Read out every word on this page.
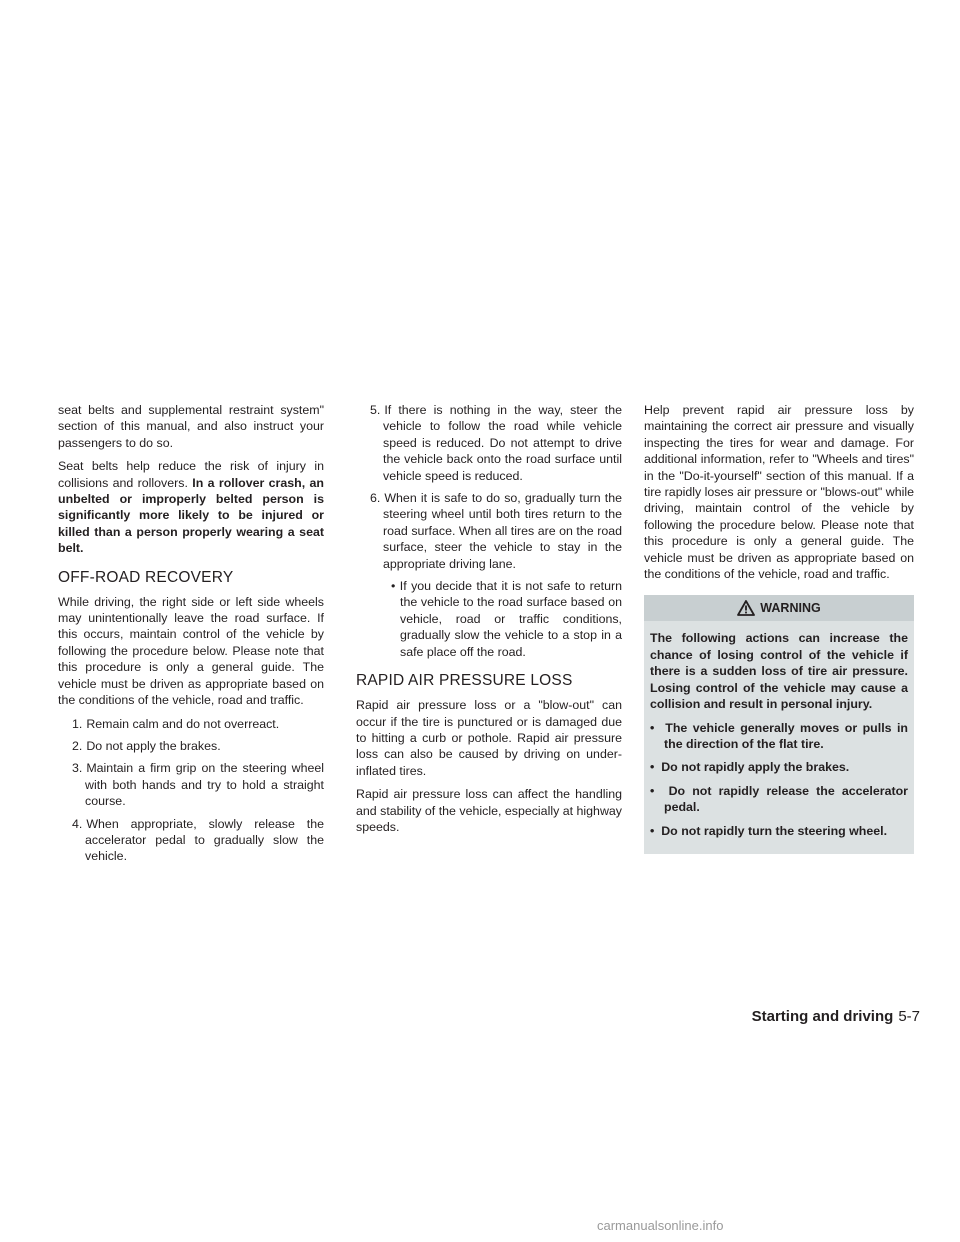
seat belts and supplemental restraint system" section of this manual, and also instruct your passengers to do so.

Seat belts help reduce the risk of injury in collisions and rollovers. In a rollover crash, an unbelted or improperly belted person is significantly more likely to be injured or killed than a person properly wearing a seat belt.

OFF-ROAD RECOVERY

While driving, the right side or left side wheels may unintentionally leave the road surface. If this occurs, maintain control of the vehicle by following the procedure below. Please note that this procedure is only a general guide. The vehicle must be driven as appropriate based on the conditions of the vehicle, road and traffic.

1. Remain calm and do not overreact.
2. Do not apply the brakes.
3. Maintain a firm grip on the steering wheel with both hands and try to hold a straight course.
4. When appropriate, slowly release the accelerator pedal to gradually slow the vehicle.
5. If there is nothing in the way, steer the vehicle to follow the road while vehicle speed is reduced. Do not attempt to drive the vehicle back onto the road surface until vehicle speed is reduced.
6. When it is safe to do so, gradually turn the steering wheel until both tires return to the road surface. When all tires are on the road surface, steer the vehicle to stay in the appropriate driving lane.
• If you decide that it is not safe to return the vehicle to the road surface based on vehicle, road or traffic conditions, gradually slow the vehicle to a stop in a safe place off the road.
RAPID AIR PRESSURE LOSS

Rapid air pressure loss or a "blow-out" can occur if the tire is punctured or is damaged due to hitting a curb or pothole. Rapid air pressure loss can also be caused by driving on under-inflated tires.

Rapid air pressure loss can affect the handling and stability of the vehicle, especially at highway speeds.

Help prevent rapid air pressure loss by maintaining the correct air pressure and visually inspecting the tires for wear and damage. For additional information, refer to "Wheels and tires" in the "Do-it-yourself" section of this manual. If a tire rapidly loses air pressure or "blows-out" while driving, maintain control of the vehicle by following the procedure below. Please note that this procedure is only a general guide. The vehicle must be driven as appropriate based on the conditions of the vehicle, road and traffic.

WARNING

The following actions can increase the chance of losing control of the vehicle if there is a sudden loss of tire air pressure. Losing control of the vehicle may cause a collision and result in personal injury.

•  The vehicle generally moves or pulls in the direction of the flat tire.
•  Do not rapidly apply the brakes.
•  Do not rapidly release the accelerator pedal.
•  Do not rapidly turn the steering wheel.
Starting and driving 5-7
carmanualsonline.info
